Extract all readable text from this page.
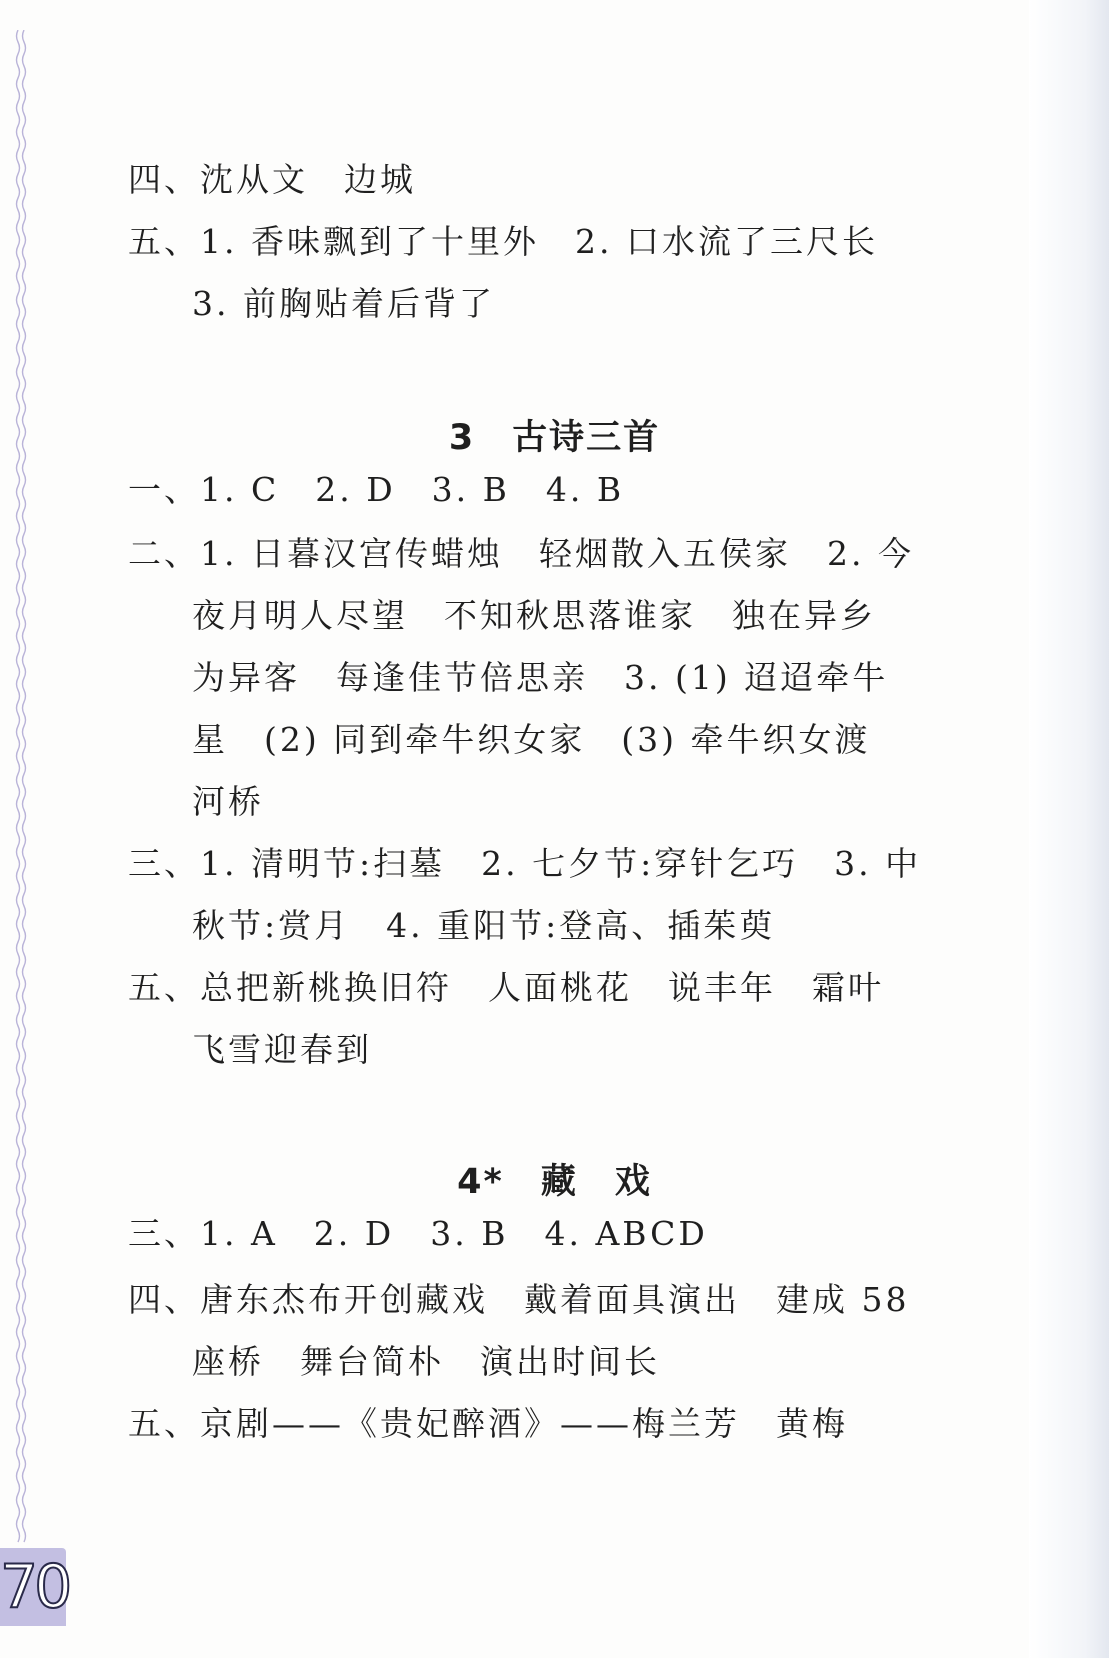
四、沈从文　边城
五、1. 香味飘到了十里外　2. 口水流了三尺长
3. 前胸贴着后背了
3　古诗三首
一、1. C　2. D　3. B　4. B
二、1. 日暮汉宫传蜡烛　轻烟散入五侯家　2. 今
夜月明人尽望　不知秋思落谁家　独在异乡
为异客　每逢佳节倍思亲　3. (1) 迢迢牵牛
星　(2) 同到牵牛织女家　(3) 牵牛织女渡
河桥
三、1. 清明节:扫墓　2. 七夕节:穿针乞巧　3. 中
秋节:赏月　4. 重阳节:登高、插茱萸
五、总把新桃换旧符　人面桃花　说丰年　霜叶
飞雪迎春到
4*　藏　戏
三、1. A　2. D　3. B　4. ABCD
四、唐东杰布开创藏戏　戴着面具演出　建成 58
座桥　舞台简朴　演出时间长
五、京剧——《贵妃醉酒》——梅兰芳　黄梅
70
